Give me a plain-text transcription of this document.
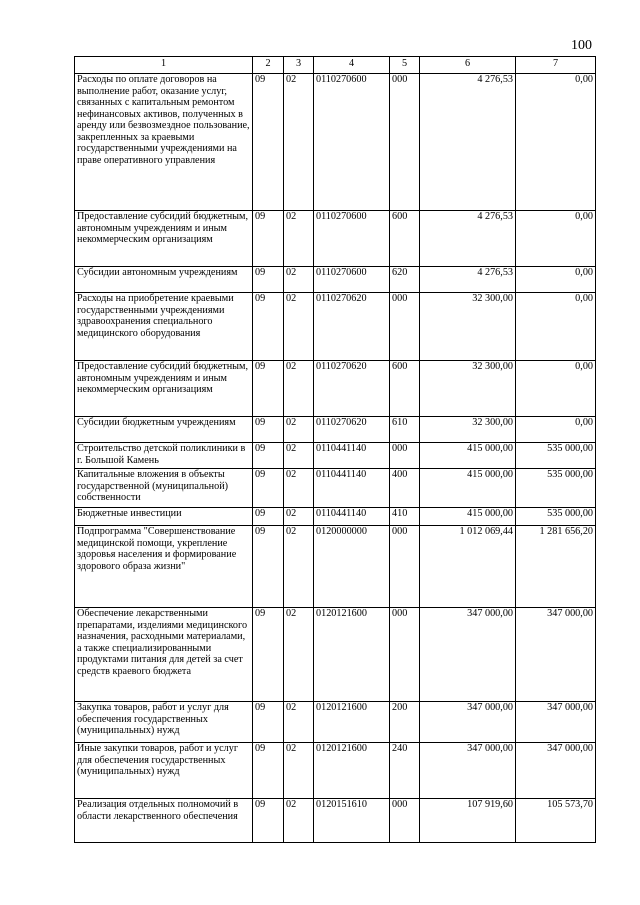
100
1	2	3	4	5	6	7
Расходы по оплате договоров на выполнение работ, оказание услуг, связанных с капитальным ремонтом нефинансовых активов, полученных в аренду или безвозмездное пользование, закрепленных за краевыми государственными учреждениями на праве оперативного управления	09	02	0110270600	000	4 276,53	0,00
Предоставление субсидий бюджетным, автономным учреждениям и иным некоммерческим организациям	09	02	0110270600	600	4 276,53	0,00
Субсидии автономным учреждениям	09	02	0110270600	620	4 276,53	0,00
Расходы на приобретение краевыми государственными учреждениями здравоохранения специального медицинского оборудования	09	02	0110270620	000	32 300,00	0,00
Предоставление субсидий бюджетным, автономным учреждениям и иным некоммерческим организациям	09	02	0110270620	600	32 300,00	0,00
Субсидии бюджетным учреждениям	09	02	0110270620	610	32 300,00	0,00
Строительство детской поликлиники в г. Большой Камень	09	02	0110441140	000	415 000,00	535 000,00
Капитальные вложения в объекты государственной (муниципальной) собственности	09	02	0110441140	400	415 000,00	535 000,00
Бюджетные инвестиции	09	02	0110441140	410	415 000,00	535 000,00
Подпрограмма "Совершенствование медицинской помощи, укрепление здоровья населения и формирование здорового образа жизни"	09	02	0120000000	000	1 012 069,44	1 281 656,20
Обеспечение лекарственными препаратами, изделиями медицинского назначения, расходными материалами, а также специализированными продуктами питания для детей за счет средств краевого бюджета	09	02	0120121600	000	347 000,00	347 000,00
Закупка товаров, работ и услуг для обеспечения государственных (муниципальных) нужд	09	02	0120121600	200	347 000,00	347 000,00
Иные закупки товаров, работ и услуг для обеспечения государственных (муниципальных) нужд	09	02	0120121600	240	347 000,00	347 000,00
Реализация отдельных полномочий в области лекарственного обеспечения	09	02	0120151610	000	107 919,60	105 573,70
